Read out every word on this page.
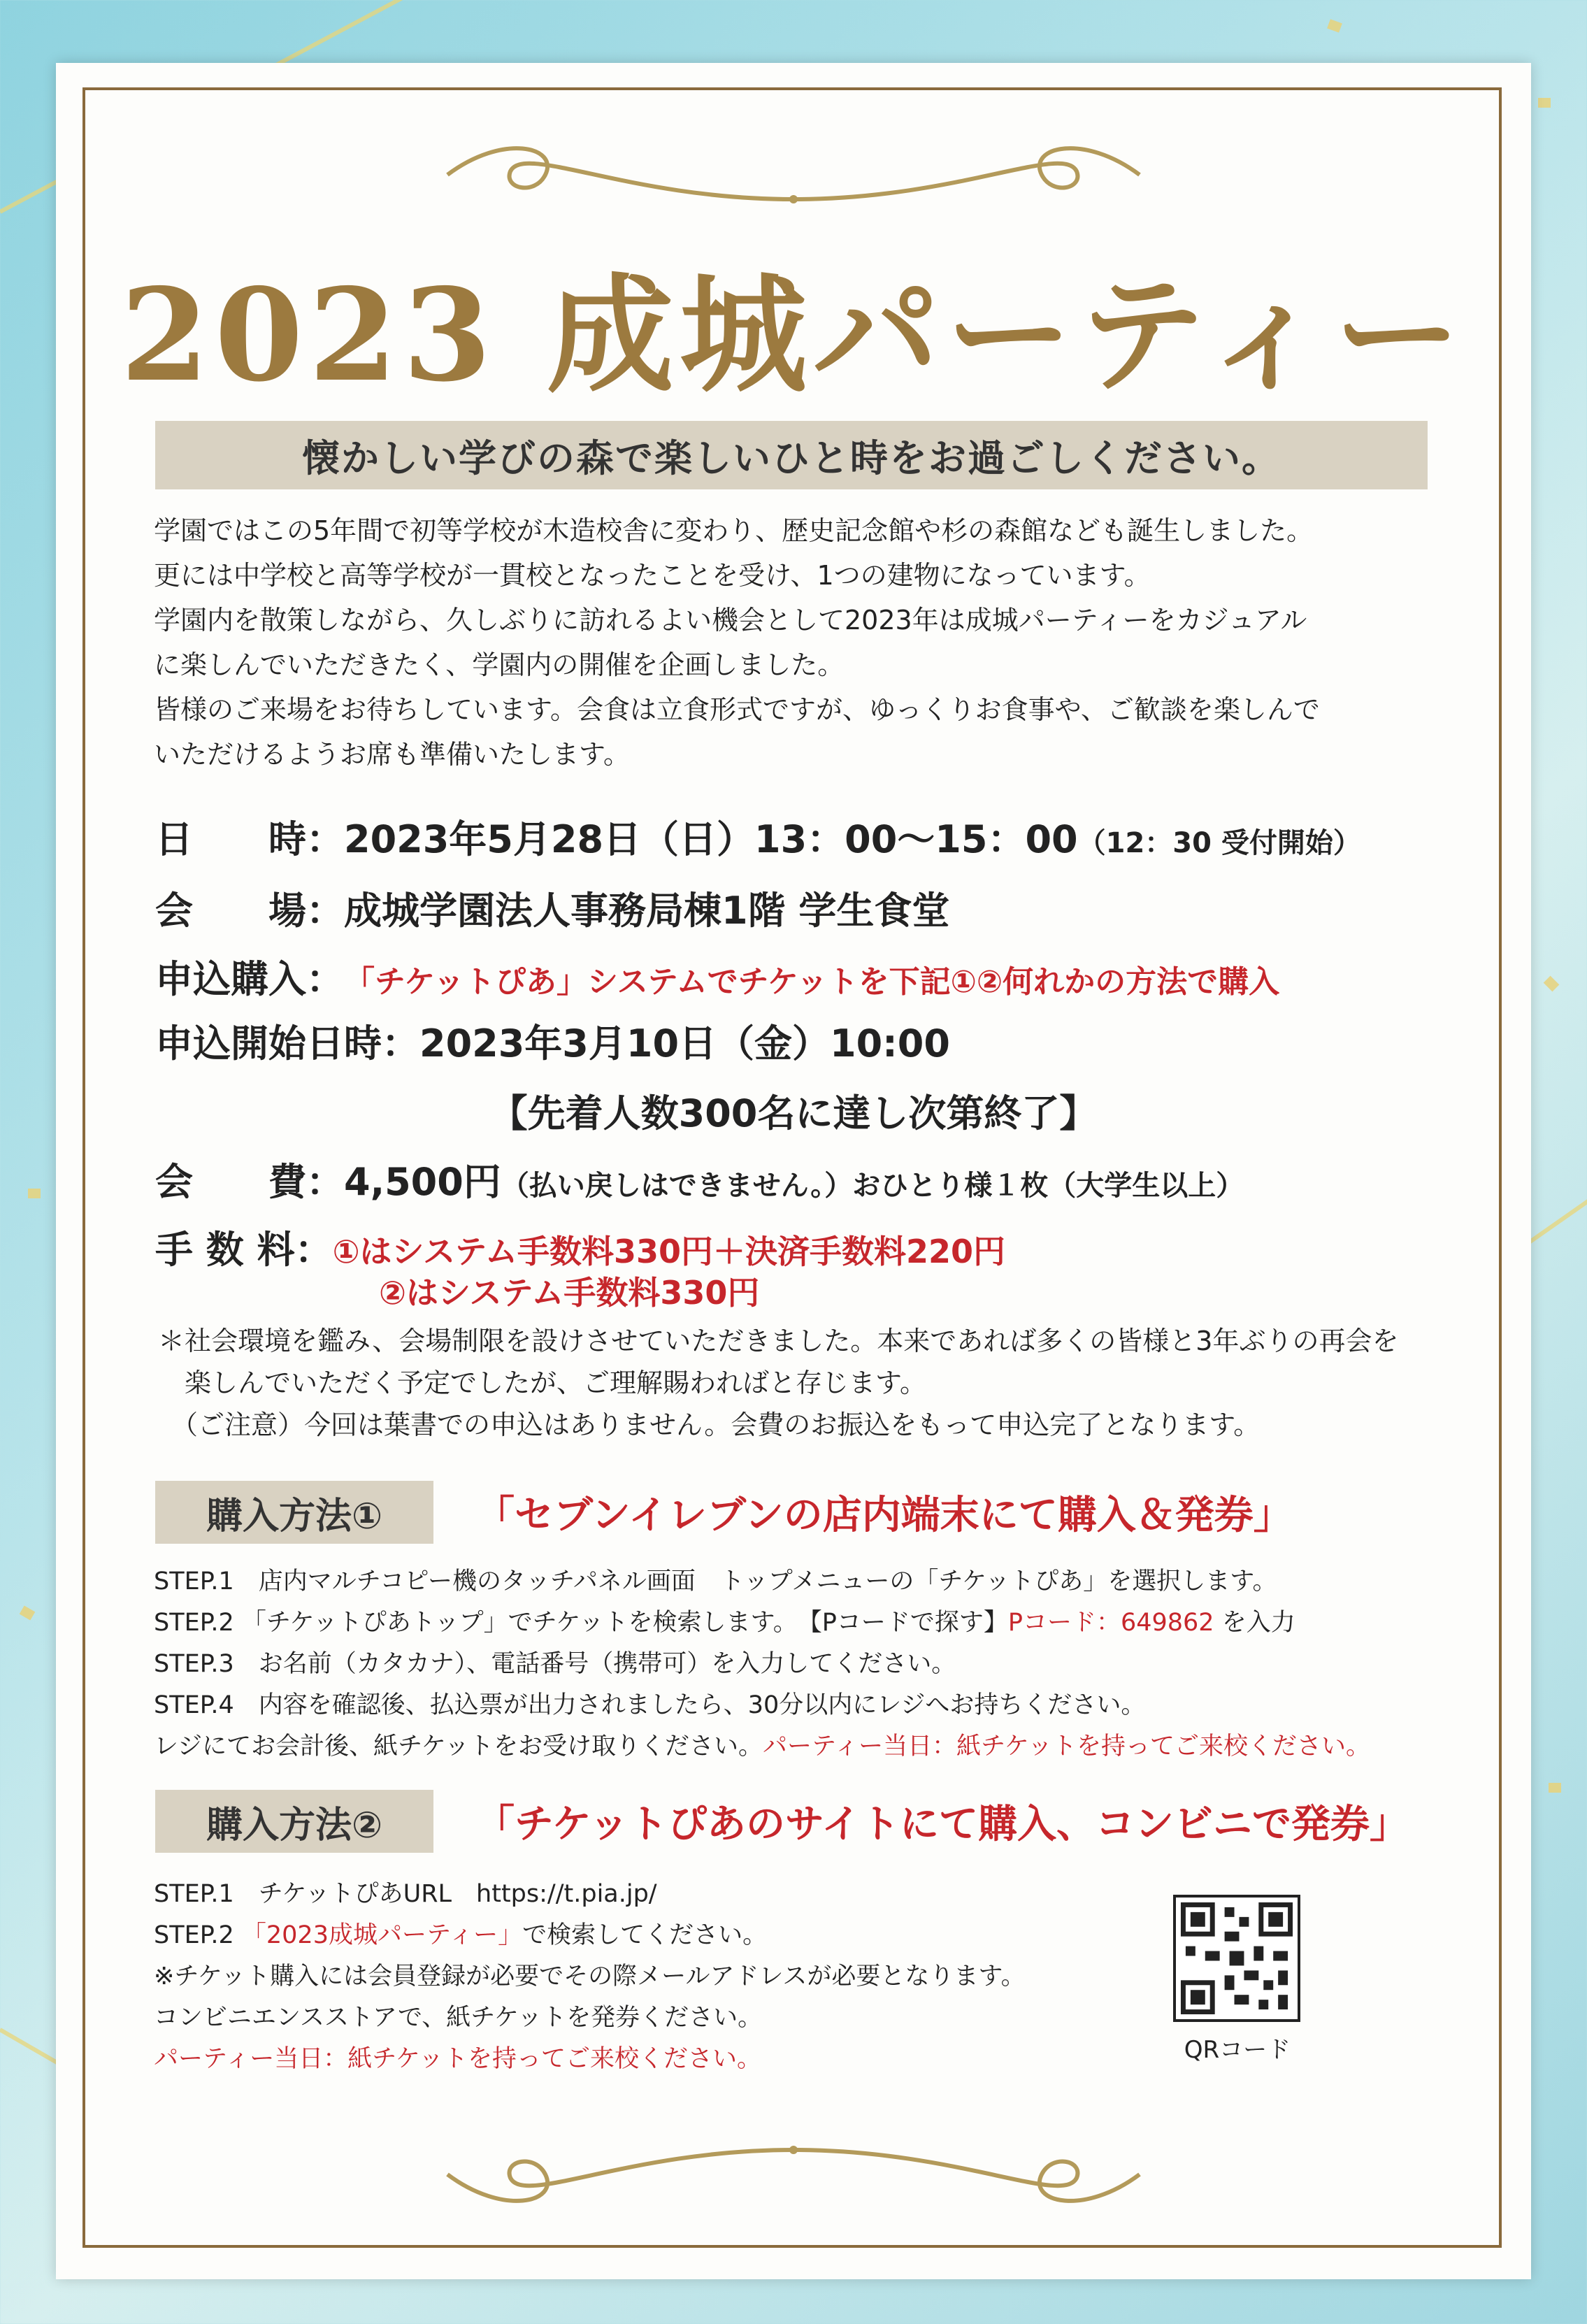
2023 成城パーティー
懐かしい学びの森で楽しいひと時をお過ごしください。
学園ではこの5年間で初等学校が木造校舎に変わり、歴史記念館や杉の森館なども誕生しました。
更には中学校と高等学校が一貫校となったことを受け、1つの建物になっています。
学園内を散策しながら、久しぶりに訪れるよい機会として2023年は成城パーティーをカジュアル
に楽しんでいただきたく、学園内の開催を企画しました。
皆様のご来場をお待ちしています。会食は立食形式ですが、ゆっくりお食事や、ご歓談を楽しんで
いただけるようお席も準備いたします。
日　　時：2023年5月28日（日）13：00〜15：00（12：30 受付開始）
会　　場：成城学園法人事務局棟1階 学生食堂
申込購入：「チケットぴあ」システムでチケットを下記①②何れかの方法で購入
申込開始日時：2023年3月10日（金）10:00
【先着人数300名に達し次第終了】
会　　費：4,500円（払い戻しはできません。）おひとり様１枚（大学生以上）
手 数 料：①はシステム手数料330円＋決済手数料220円
②はシステム手数料330円
＊社会環境を鑑み、会場制限を設けさせていただきました。本来であれば多くの皆様と3年ぶりの再会を
　楽しんでいただく予定でしたが、ご理解賜わればと存じます。
　（ご注意）今回は葉書での申込はありません。会費のお振込をもって申込完了となります。
購入方法①	「セブンイレブンの店内端末にて購入＆発券」
STEP.1　店内マルチコピー機のタッチパネル画面　トップメニューの「チケットぴあ」を選択します。
STEP.2 「チケットぴあトップ」でチケットを検索します。　【Pコードで探す】Pコード：649862 を入力
STEP.3　お名前（カタカナ）、電話番号（携帯可）を入力してください。
STEP.4　内容を確認後、払込票が出力されましたら、30分以内にレジへお持ちください。
レジにてお会計後、紙チケットをお受け取りください。パーティー当日：紙チケットを持ってご来校ください。
購入方法②	「チケットぴあのサイトにて購入、コンビニで発券」
STEP.1　チケットぴあURL　https://t.pia.jp/
STEP.2 「2023成城パーティー」で検索してください。
※チケット購入には会員登録が必要でその際メールアドレスが必要となります。
コンビニエンスストアで、紙チケットを発券ください。
パーティー当日：紙チケットを持ってご来校ください。	QRコード
